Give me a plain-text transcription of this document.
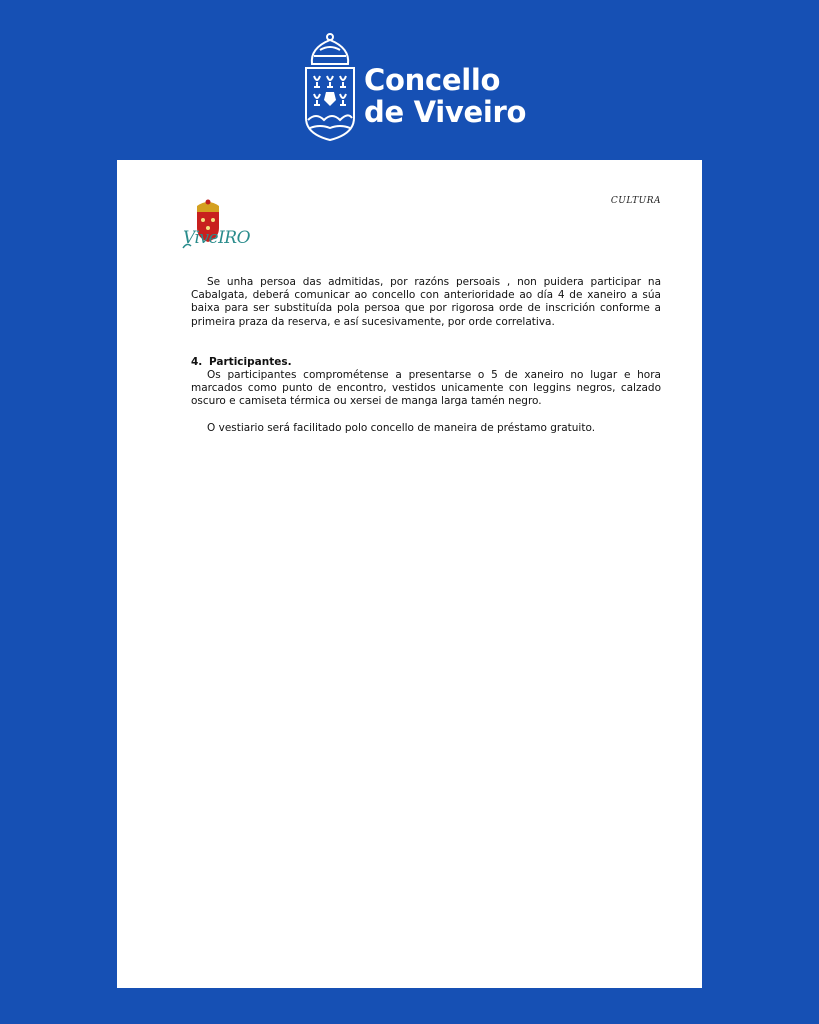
Concello
de Viveiro
ViveIRO
CULTURA

Se unha persoa das admitidas, por razóns persoais , non puidera participar na Cabalgata, deberá comunicar ao concello con anterioridade ao día 4 de xaneiro a súa baixa para ser substituída pola persoa que por rigorosa orde de inscrición conforme a primeira praza da reserva, e así sucesivamente, por orde correlativa.

4. Participantes.

Os participantes comprométense a presentarse o 5 de xaneiro no lugar e hora marcados como punto de encontro, vestidos unicamente con leggins negros, calzado oscuro e camiseta térmica ou xersei de manga larga tamén negro.

O vestiario será facilitado polo concello de maneira de préstamo gratuito.
